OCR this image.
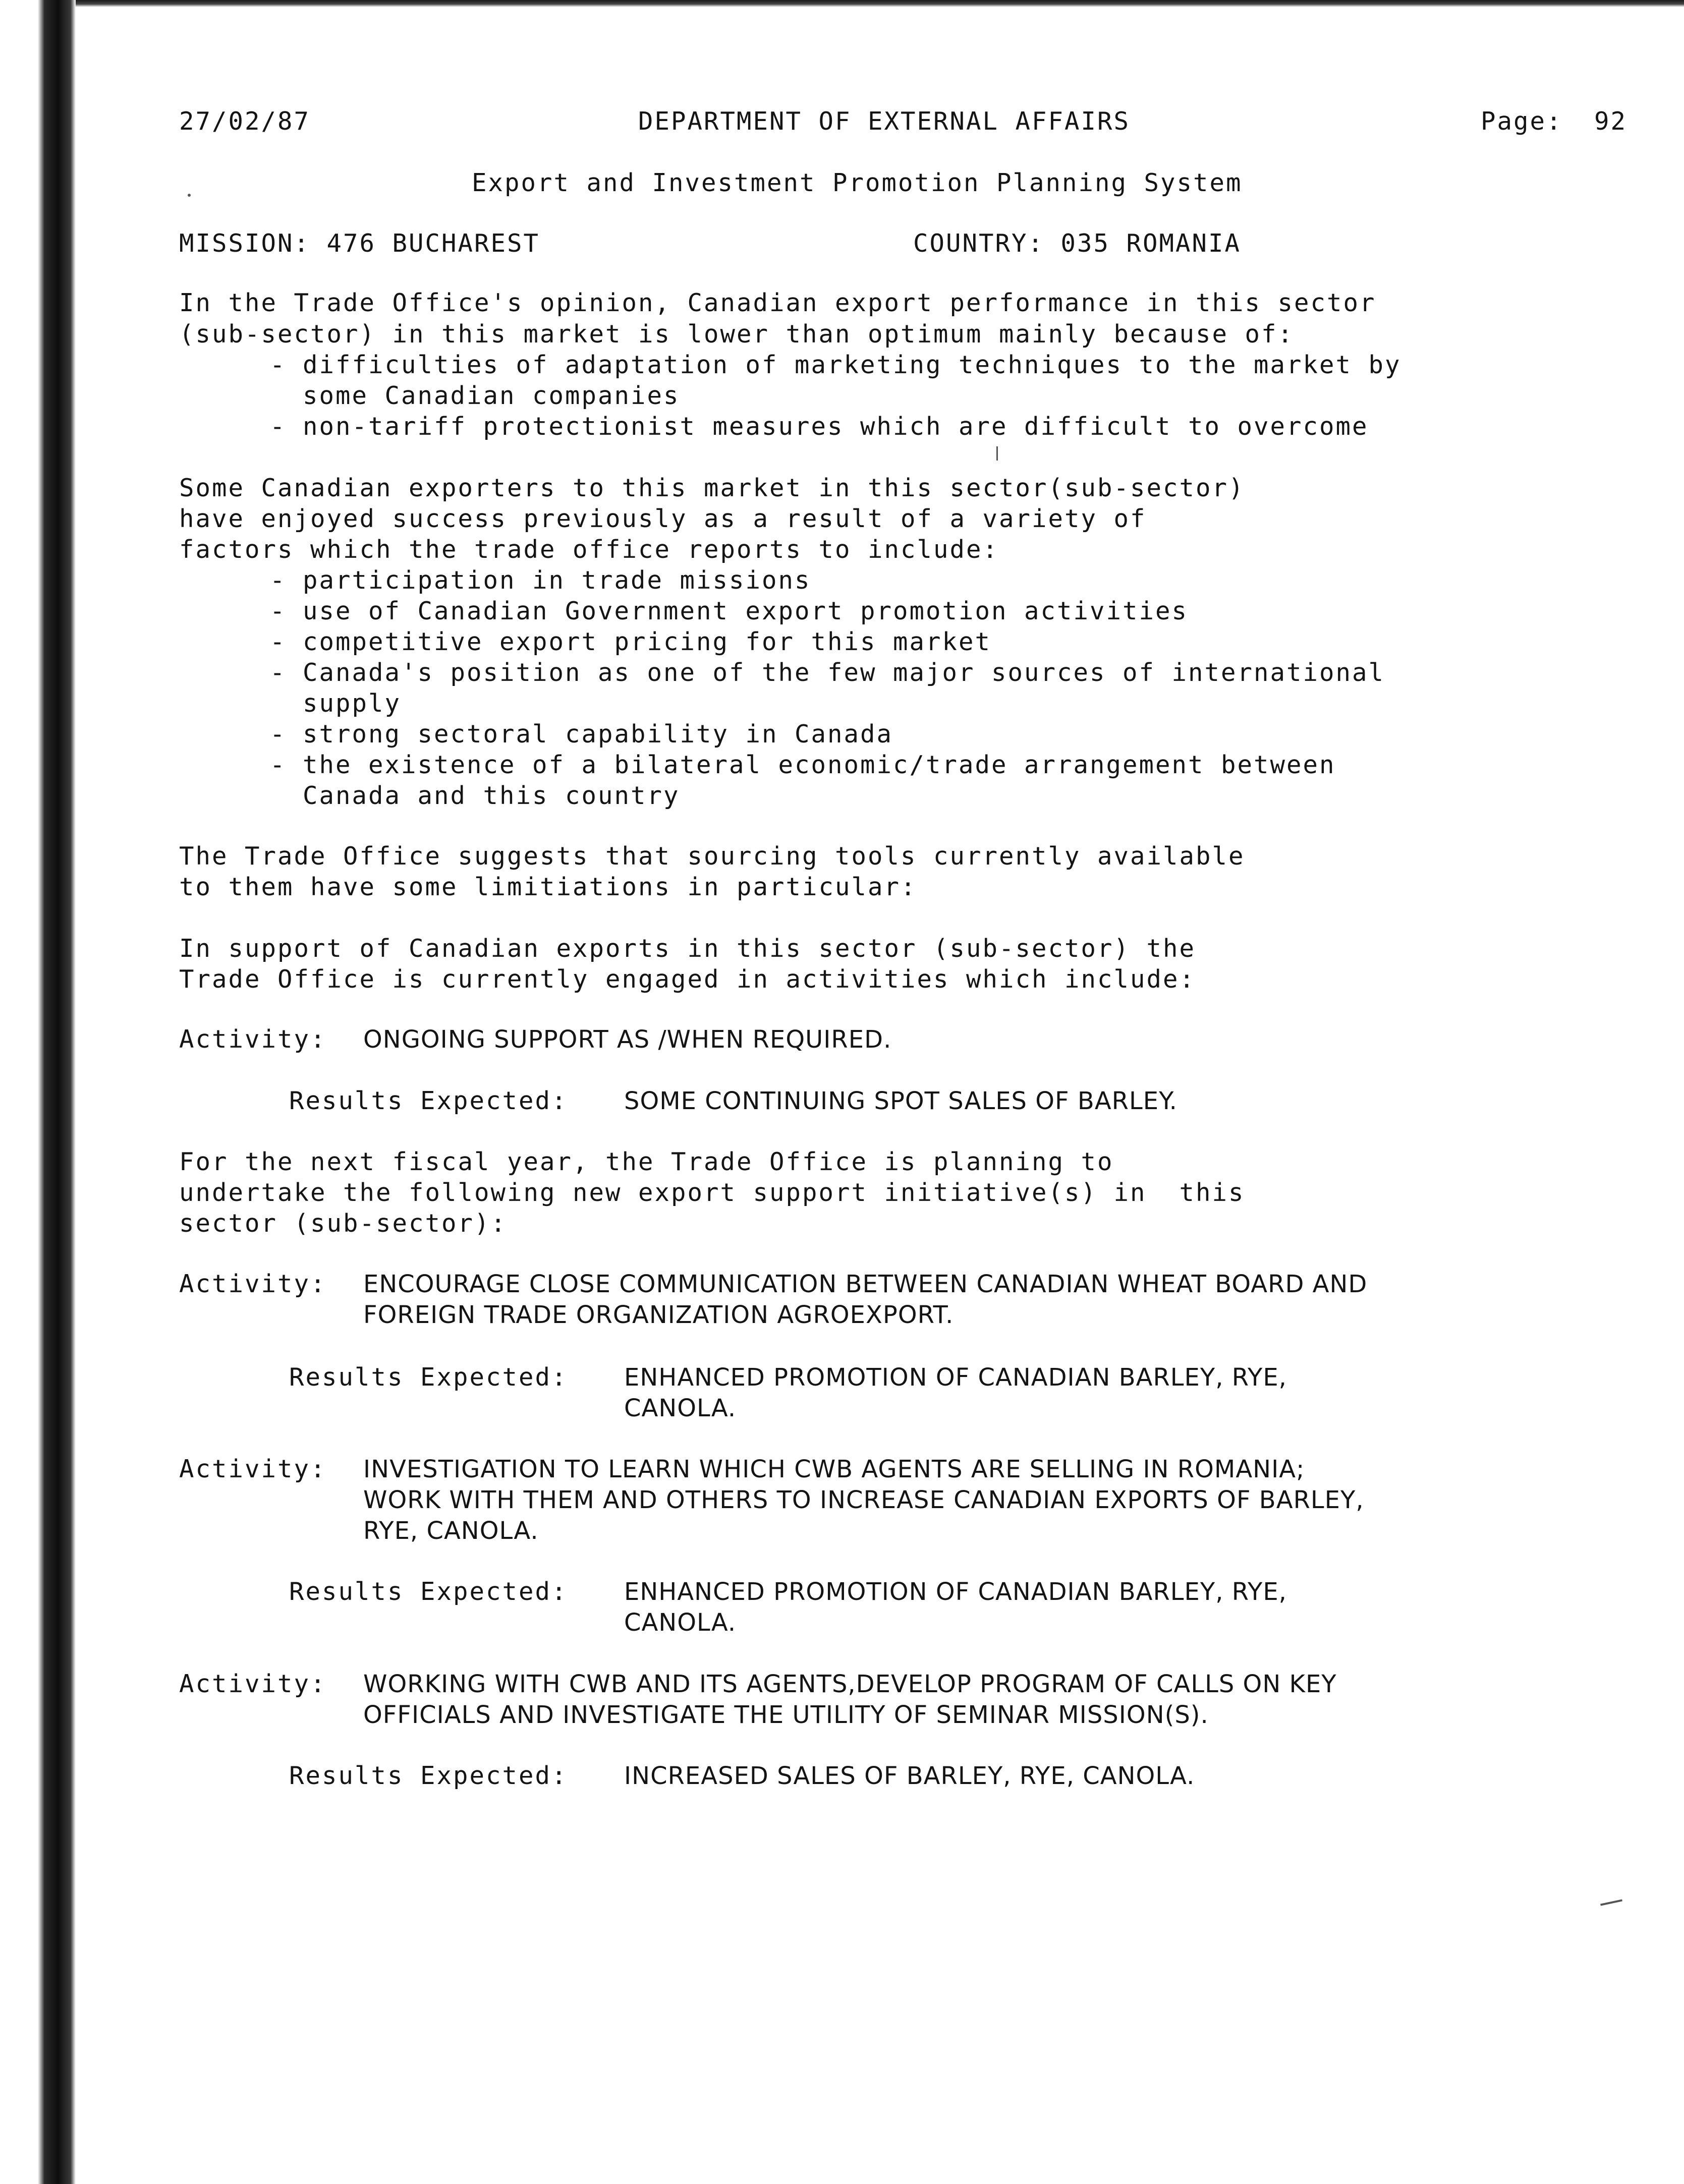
27/02/87	DEPARTMENT OF EXTERNAL AFFAIRS	Page: 92
Export and Investment Promotion Planning System
MISSION: 476 BUCHAREST	COUNTRY: 035 ROMANIA
In the Trade Office's opinion, Canadian export performance in this sector
(sub-sector) in this market is lower than optimum mainly because of:
- difficulties of adaptation of marketing techniques to the market by
some Canadian companies
- non-tariff protectionist measures which are difficult to overcome
Some Canadian exporters to this market in this sector(sub-sector)
have enjoyed success previously as a result of a variety of
factors which the trade office reports to include:
- participation in trade missions
- use of Canadian Government export promotion activities
- competitive export pricing for this market
- Canada's position as one of the few major sources of international
supply
- strong sectoral capability in Canada
- the existence of a bilateral economic/trade arrangement between
Canada and this country
The Trade Office suggests that sourcing tools currently available
to them have some limitiations in particular:
In support of Canadian exports in this sector (sub-sector) the
Trade Office is currently engaged in activities which include:
Activity: ONGOING SUPPORT AS /WHEN REQUIRED.
Results Expected: SOME CONTINUING SPOT SALES OF BARLEY.
For the next fiscal year, the Trade Office is planning to
undertake the following new export support initiative(s) in  this
sector (sub-sector):
Activity: ENCOURAGE CLOSE COMMUNICATION BETWEEN CANADIAN WHEAT BOARD AND
FOREIGN TRADE ORGANIZATION AGROEXPORT.
Results Expected: ENHANCED PROMOTION OF CANADIAN BARLEY, RYE,
CANOLA.
Activity: INVESTIGATION TO LEARN WHICH CWB AGENTS ARE SELLING IN ROMANIA;
WORK WITH THEM AND OTHERS TO INCREASE CANADIAN EXPORTS OF BARLEY,
RYE, CANOLA.
Results Expected: ENHANCED PROMOTION OF CANADIAN BARLEY, RYE,
CANOLA.
Activity: WORKING WITH CWB AND ITS AGENTS,DEVELOP PROGRAM OF CALLS ON KEY
OFFICIALS AND INVESTIGATE THE UTILITY OF SEMINAR MISSION(S).
Results Expected: INCREASED SALES OF BARLEY, RYE, CANOLA.
